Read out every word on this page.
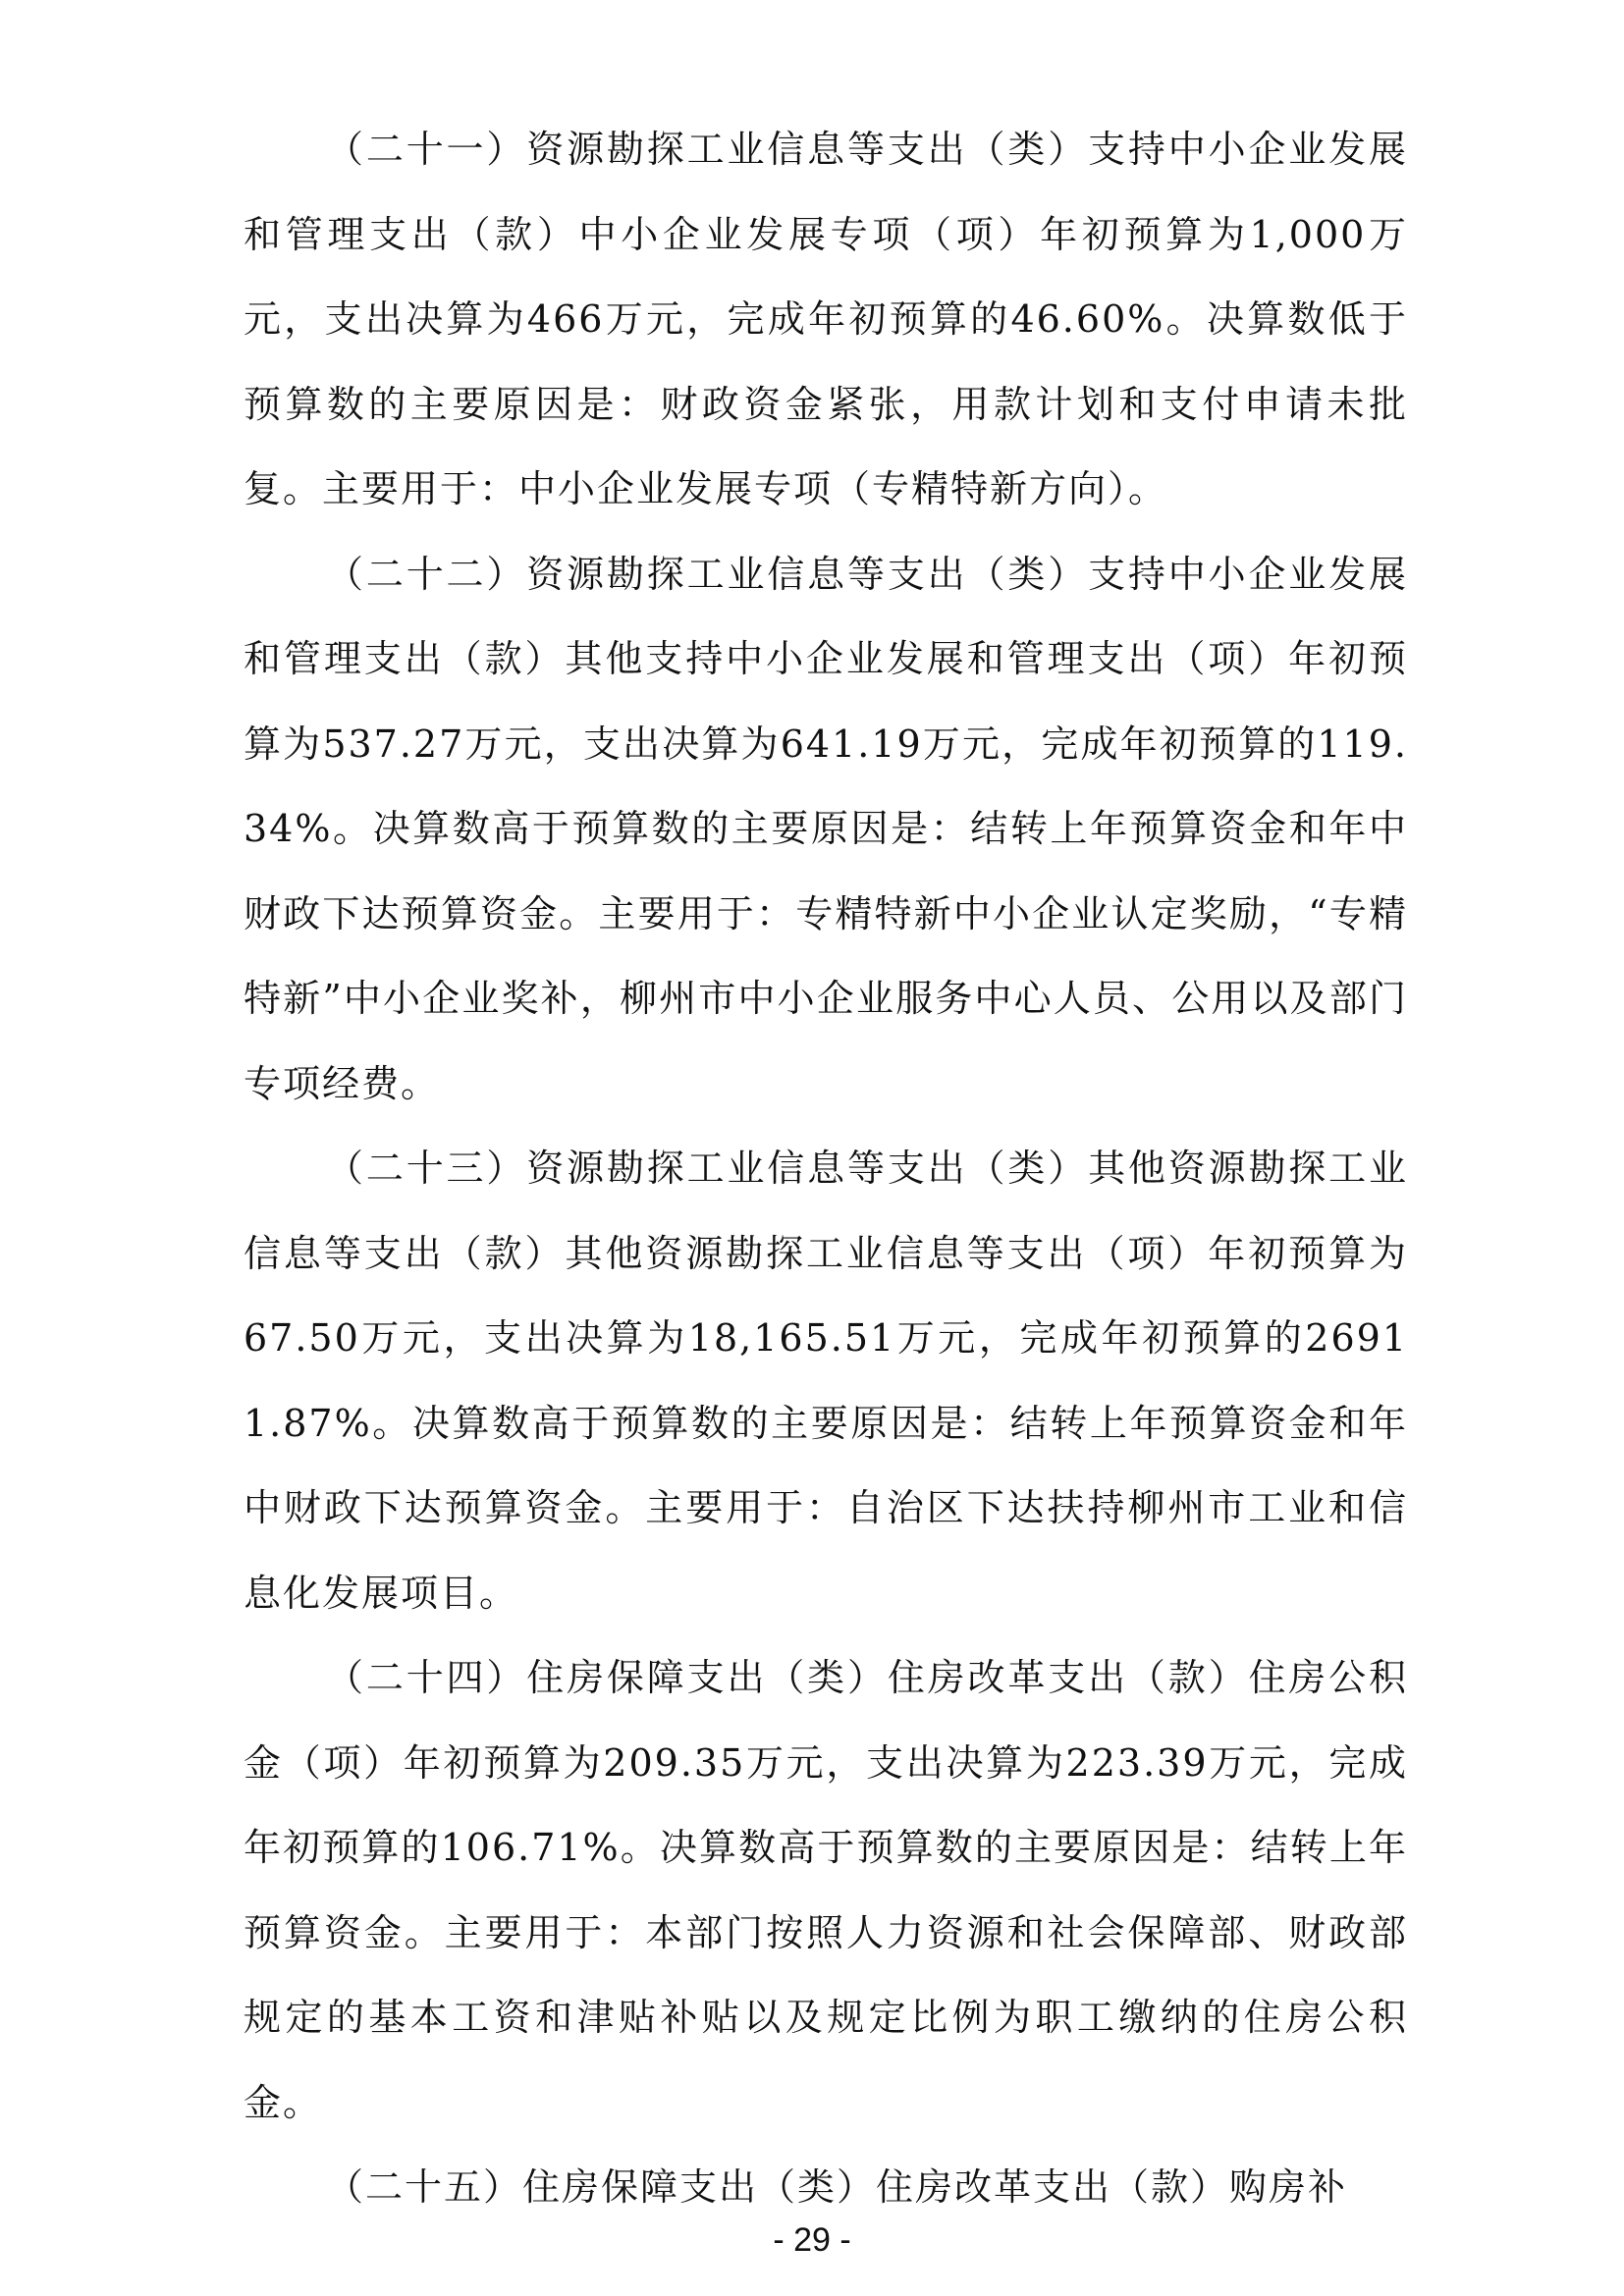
（二十一）资源勘探工业信息等支出（类）支持中小企业发展和管理支出（款）中小企业发展专项（项）年初预算为1,000万元，支出决算为466万元，完成年初预算的46.60%。决算数低于预算数的主要原因是：财政资金紧张，用款计划和支付申请未批复。主要用于：中小企业发展专项（专精特新方向）。

（二十二）资源勘探工业信息等支出（类）支持中小企业发展和管理支出（款）其他支持中小企业发展和管理支出（项）年初预算为537.27万元，支出决算为641.19万元，完成年初预算的119.34%。决算数高于预算数的主要原因是：结转上年预算资金和年中财政下达预算资金。主要用于：专精特新中小企业认定奖励，“专精特新”中小企业奖补，柳州市中小企业服务中心人员、公用以及部门专项经费。

（二十三）资源勘探工业信息等支出（类）其他资源勘探工业信息等支出（款）其他资源勘探工业信息等支出（项）年初预算为67.50万元，支出决算为18,165.51万元，完成年初预算的26911.87%。决算数高于预算数的主要原因是：结转上年预算资金和年中财政下达预算资金。主要用于：自治区下达扶持柳州市工业和信息化发展项目。

（二十四）住房保障支出（类）住房改革支出（款）住房公积金（项）年初预算为209.35万元，支出决算为223.39万元，完成年初预算的106.71%。决算数高于预算数的主要原因是：结转上年预算资金。主要用于：本部门按照人力资源和社会保障部、财政部规定的基本工资和津贴补贴以及规定比例为职工缴纳的住房公积金。

（二十五）住房保障支出（类）住房改革支出（款）购房补

- 29 -
